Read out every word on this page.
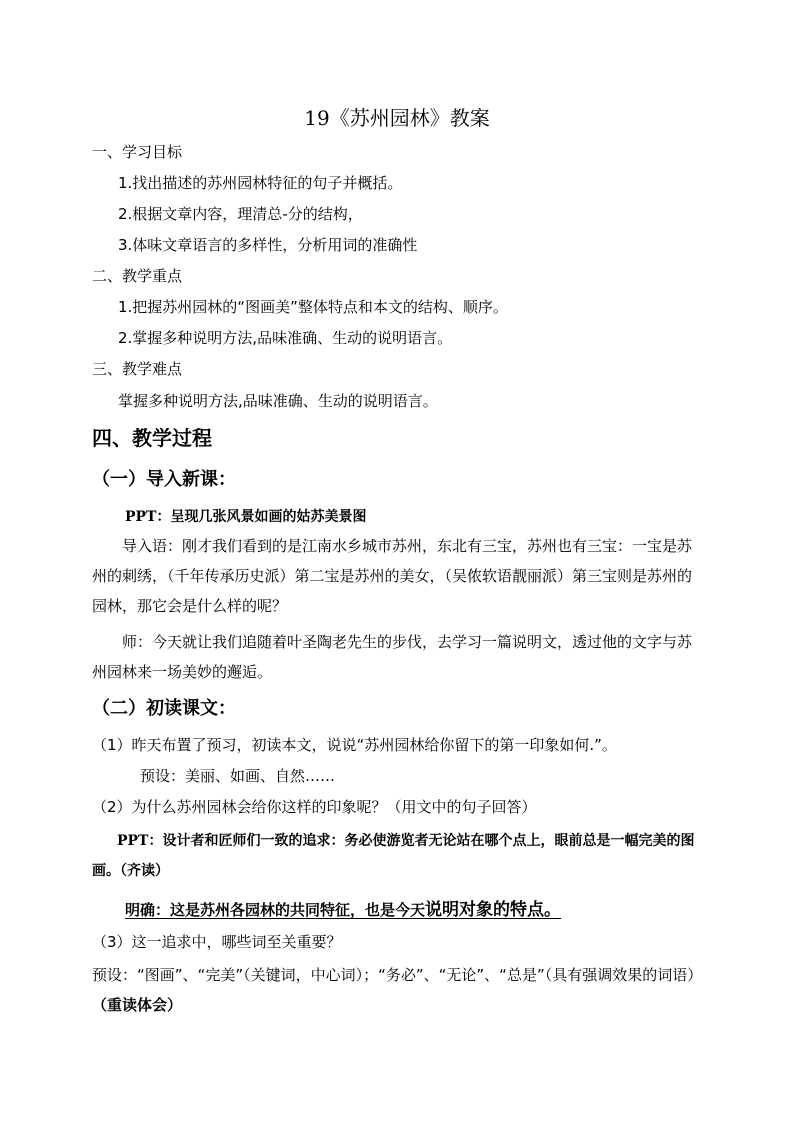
19《苏州园林》教案
一、学习目标
1.找出描述的苏州园林特征的句子并概括。
2.根据文章内容，理清总-分的结构，
3.体味文章语言的多样性，分析用词的准确性
二、教学重点
1.把握苏州园林的“图画美”整体特点和本文的结构、顺序。
2.掌握多种说明方法,品味准确、生动的说明语言。
三、教学难点
掌握多种说明方法,品味准确、生动的说明语言。
四、教学过程
（一）导入新课：
PPT：呈现几张风景如画的姑苏美景图
导入语：刚才我们看到的是江南水乡城市苏州，东北有三宝，苏州也有三宝：一宝是苏州的刺绣，（千年传承历史派）第二宝是苏州的美女，（吴侬软语靓丽派）第三宝则是苏州的园林，那它会是什么样的呢？
师：今天就让我们追随着叶圣陶老先生的步伐，去学习一篇说明文，透过他的文字与苏州园林来一场美妙的邂逅。
（二）初读课文：
（1）昨天布置了预习，初读本文，说说“苏州园林给你留下的第一印象如何.”。
预设：美丽、如画、自然……
（2）为什么苏州园林会给你这样的印象呢？（用文中的句子回答）
PPT：设计者和匠师们一致的追求：务必使游览者无论站在哪个点上，眼前总是一幅完美的图画。（齐读）
明确：这是苏州各园林的共同特征，也是今天说明对象的特点。
（3）这一追求中，哪些词至关重要？
预设：“图画”、“完美”（关键词，中心词）；“务必”、“无论”、“总是”（具有强调效果的词语）（重读体会）
